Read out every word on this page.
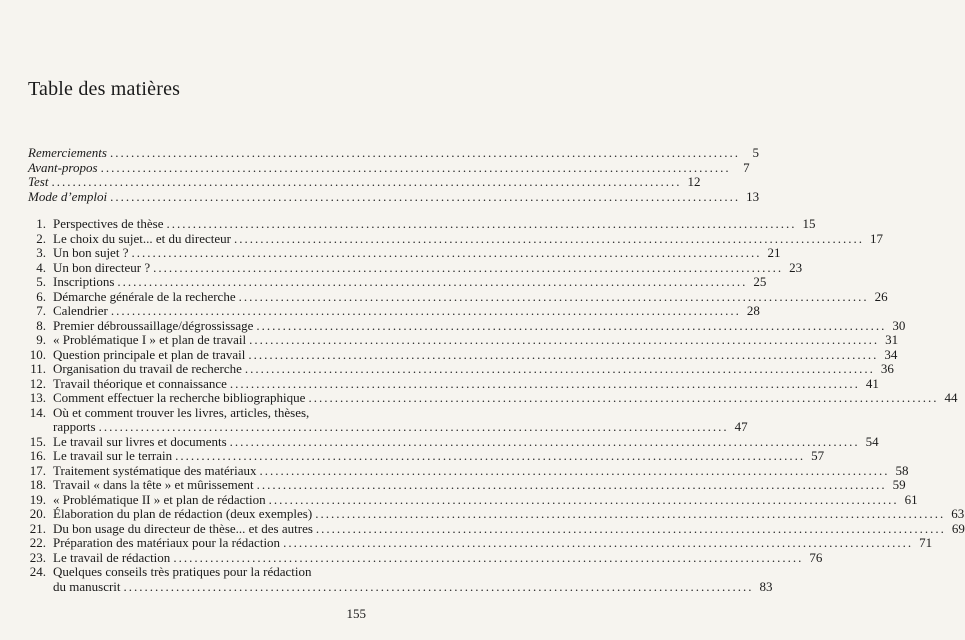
Table des matières
Remerciements .....	5
Avant-propos .....	7
Test .....	12
Mode d’emploi .....	13
1. Perspectives de thèse .....	15
2. Le choix du sujet... et du directeur .....	17
3. Un bon sujet ? .....	21
4. Un bon directeur ? .....	23
5. Inscriptions .....	25
6. Démarche générale de la recherche .....	26
7. Calendrier .....	28
8. Premier débroussaillage/dégrossissage .....	30
9. « Problématique I » et plan de travail .....	31
10. Question principale et plan de travail .....	34
11. Organisation du travail de recherche .....	36
12. Travail théorique et connaissance .....	41
13. Comment effectuer la recherche bibliographique .....	44
14. Où et comment trouver les livres, articles, thèses,
rapports .....	47
15. Le travail sur livres et documents .....	54
16. Le travail sur le terrain .....	57
17. Traitement systématique des matériaux .....	58
18. Travail « dans la tête » et mûrissement .....	59
19. « Problématique II » et plan de rédaction .....	61
20. Élaboration du plan de rédaction (deux exemples) .....	63
21. Du bon usage du directeur de thèse... et des autres .....	69
22. Préparation des matériaux pour la rédaction .....	71
23. Le travail de rédaction .....	76
24. Quelques conseils très pratiques pour la rédaction
du manuscrit .....	83
155
